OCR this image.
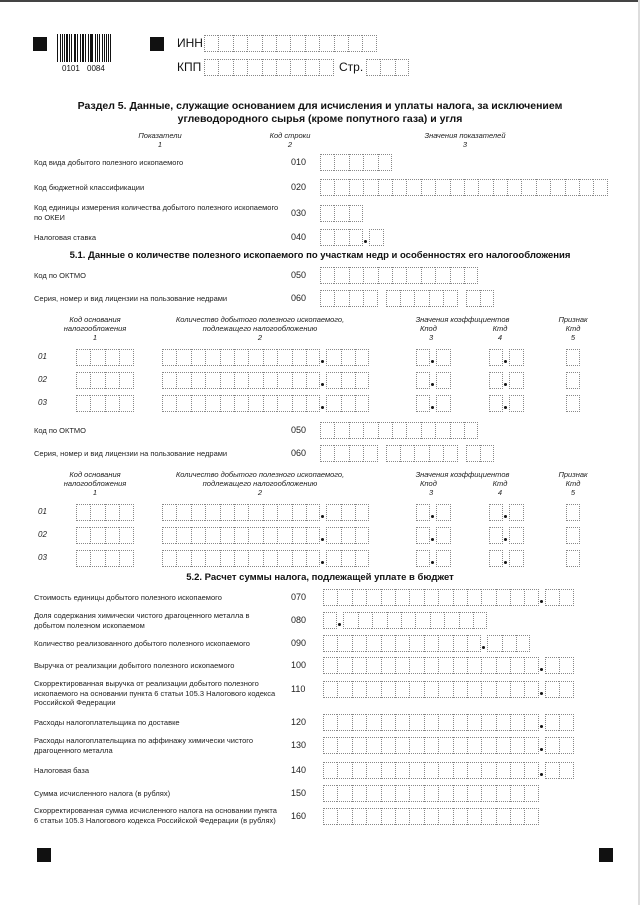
0101 0084
ИНН
КПП	Стр.
Раздел 5. Данные, служащие основанием для исчисления и уплаты налога, за исключением
углеводородного сырья (кроме попутного газа) и угля
Показатели
1
Код строки
2
Значения показателей
3
Код вида добытого полезного ископаемого	010
Код бюджетной классификации	020
Код единицы измерения количества добытого полезного ископаемого по ОКЕИ	030
Налоговая ставка	040
5.1. Данные о количестве полезного ископаемого по участкам недр и особенностях его налогообложения
Код по ОКТМО	050
Серия, номер и вид лицензии на пользование недрами	060
Код основания налогообложения
1
Количество добытого полезного ископаемого, подлежащего налогообложению
2
Значения коэффициентов
Кпод
3
Ктд
4
Признак
Ктд
5
01
02
03
Код по ОКТМО	050
Серия, номер и вид лицензии на пользование недрами	060
Код основания налогообложения
1
Количество добытого полезного ископаемого, подлежащего налогообложению
2
Значения коэффициентов
Кпод
3
Ктд
4
Признак
Ктд
5
01
02
03
5.2. Расчет суммы налога, подлежащей уплате в бюджет
Стоимость единицы добытого полезного ископаемого	070
Доля содержания химически чистого драгоценного металла в добытом полезном ископаемом	080
Количество реализованного добытого полезного ископаемого	090
Выручка от реализации добытого полезного ископаемого	100
Скорректированная выручка от реализации добытого полезного ископаемого на основании пункта 6 статьи 105.3 Налогового кодекса Российской Федерации
110
Расходы налогоплательщика по доставке	120
Расходы налогоплательщика по аффинажу химически чистого драгоценного металла	130
Налоговая база	140
Сумма исчисленного налога (в рублях)	150
Скорректированная сумма исчисленного налога на основании пункта 6 статьи 105.3 Налогового кодекса Российской Федерации (в рублях)	160
